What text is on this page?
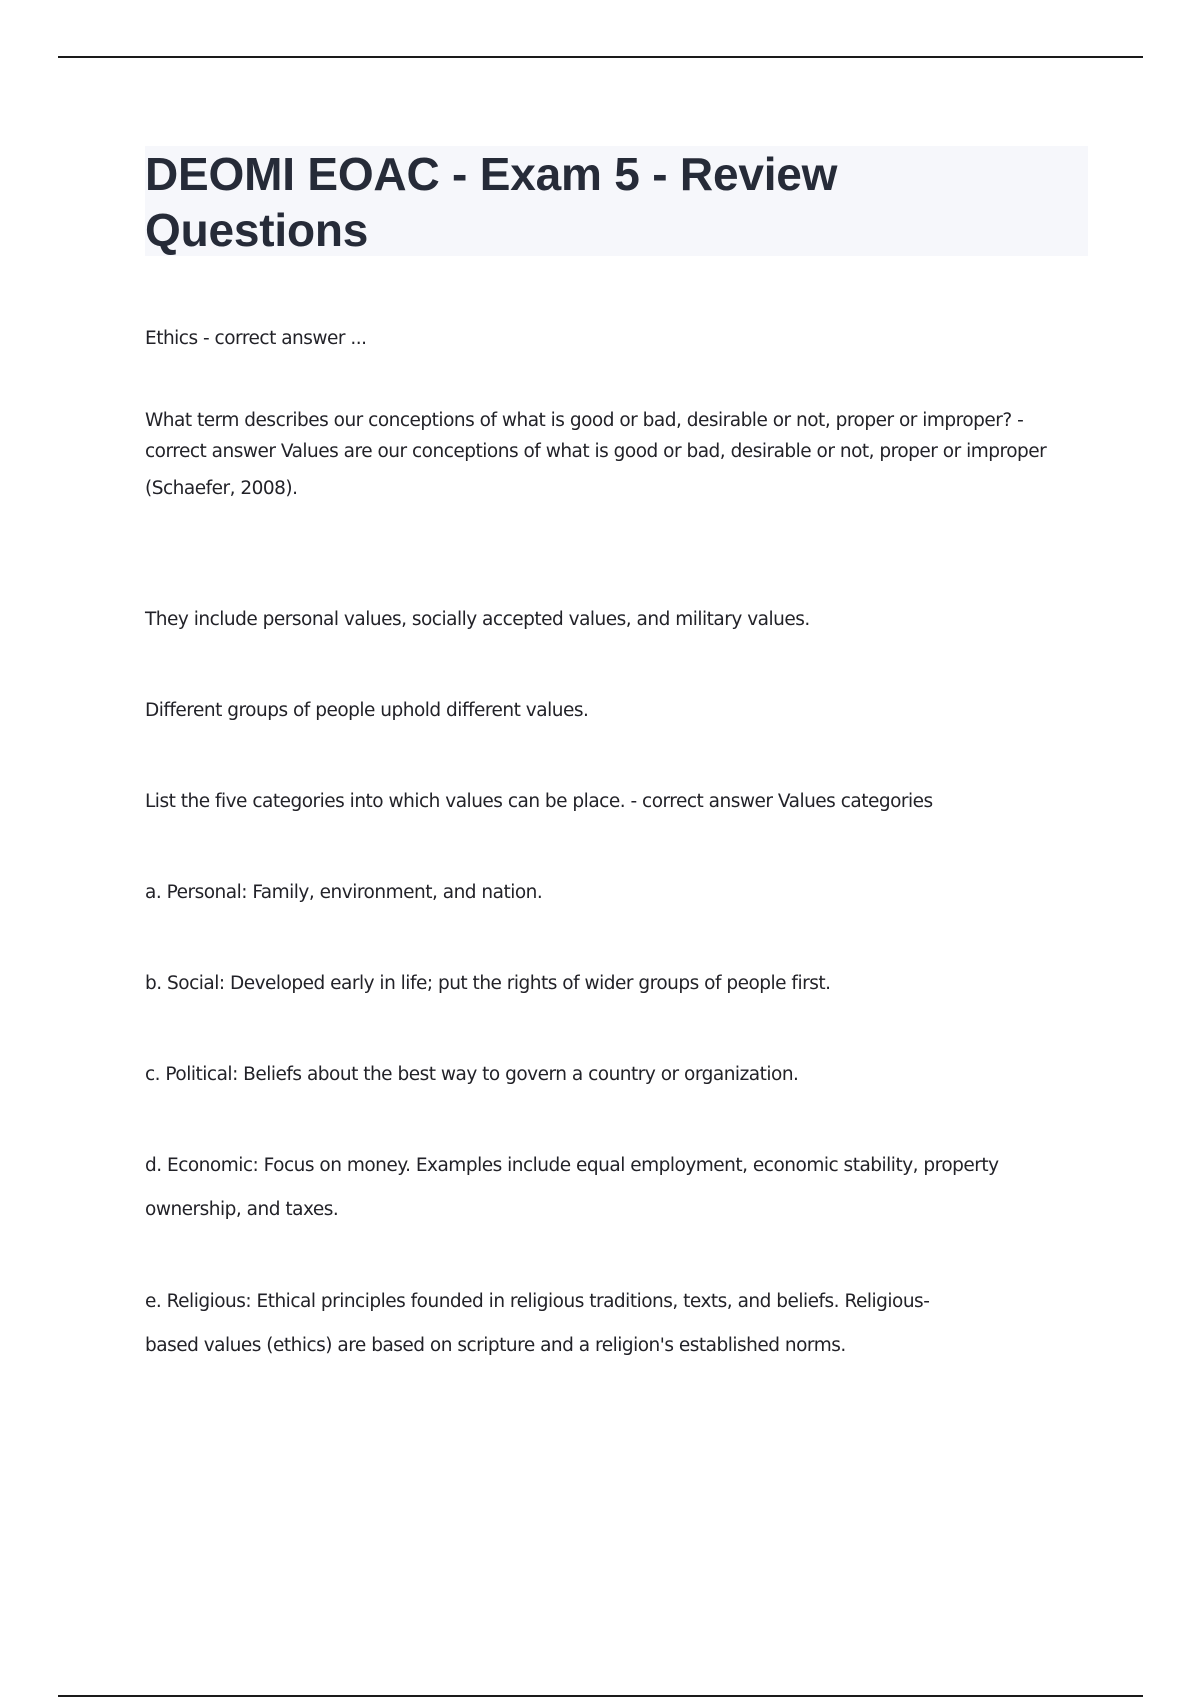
DEOMI EOAC - Exam 5 - Review
Questions

Ethics - correct answer ...

What term describes our conceptions of what is good or bad, desirable or not, proper or improper? -
correct answer Values are our conceptions of what is good or bad, desirable or not, proper or improper
(Schaefer, 2008).

They include personal values, socially accepted values, and military values.

Different groups of people uphold different values.

List the five categories into which values can be place. - correct answer Values categories

a. Personal: Family, environment, and nation.

b. Social: Developed early in life; put the rights of wider groups of people first.

c. Political: Beliefs about the best way to govern a country or organization.

d. Economic: Focus on money. Examples include equal employment, economic stability, property
ownership, and taxes.

e. Religious: Ethical principles founded in religious traditions, texts, and beliefs. Religious-
based values (ethics) are based on scripture and a religion's established norms.
